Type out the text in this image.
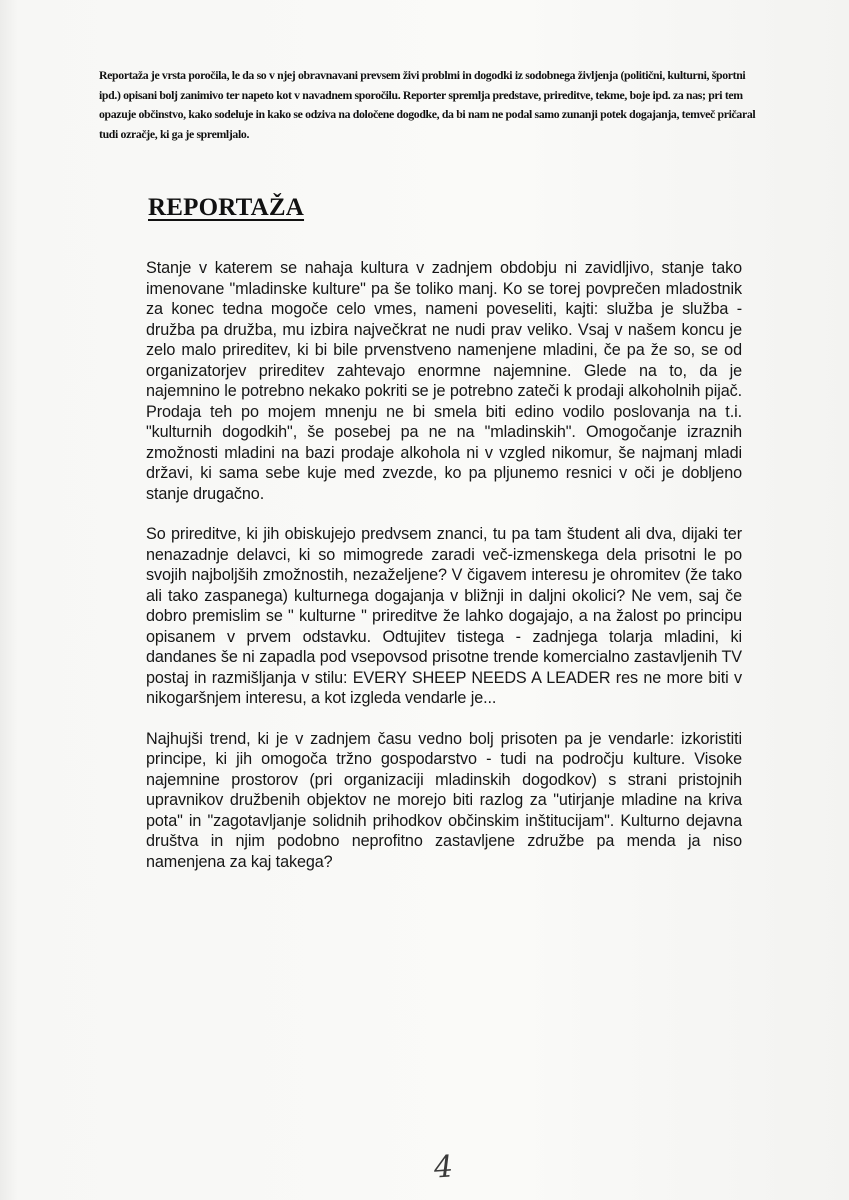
Reportaža je vrsta poročila, le da so v njej obravnavani prevsem živi problmi in dogodki iz sodobnega življenja (politični, kulturni, športni ipd.) opisani bolj zanimivo ter napeto kot v navadnem sporočilu. Reporter spremlja predstave, prireditve, tekme, boje ipd. za nas; pri tem opazuje občinstvo, kako sodeluje in kako se odziva na določene dogodke, da bi nam ne podal samo zunanji potek dogajanja, temveč pričaral tudi ozračje, ki ga je spremljalo.

REPORTAŽA

Stanje v katerem se nahaja kultura v zadnjem obdobju ni zavidljivo, stanje tako imenovane "mladinske kulture" pa še toliko manj. Ko se torej povprečen mladostnik za konec tedna mogoče celo vmes, nameni poveseliti, kajti: služba je služba - družba pa družba, mu izbira največkrat ne nudi prav veliko. Vsaj v našem koncu je zelo malo prireditev, ki bi bile prvenstveno namenjene mladini, če pa že so, se od organizatorjev prireditev zahtevajo enormne najemnine. Glede na to, da je najemnino le potrebno nekako pokriti se je potrebno zateči k prodaji alkoholnih pijač. Prodaja teh po mojem mnenju ne bi smela biti edino vodilo poslovanja na t.i. "kulturnih dogodkih", še posebej pa ne na "mladinskih". Omogočanje izraznih zmožnosti mladini na bazi prodaje alkohola ni v vzgled nikomur, še najmanj mladi državi, ki sama sebe kuje med zvezde, ko pa pljunemo resnici v oči je dobljeno stanje drugačno.

So prireditve, ki jih obiskujejo predvsem znanci, tu pa tam študent ali dva, dijaki ter nenazadnje delavci, ki so mimogrede zaradi več-izmenskega dela prisotni le po svojih najboljših zmožnostih, nezaželjene? V čigavem interesu je ohromitev (že tako ali tako zaspanega) kulturnega dogajanja v bližnji in daljni okolici? Ne vem, saj če dobro premislim se " kulturne " prireditve že lahko dogajajo, a na žalost po principu opisanem v prvem odstavku. Odtujitev tistega - zadnjega tolarja mladini, ki dandanes še ni zapadla pod vsepovsod prisotne trende komercialno zastavljenih TV postaj in razmišljanja v stilu: EVERY SHEEP NEEDS A LEADER res ne more biti v nikogaršnjem interesu, a kot izgleda vendarle je...

Najhujši trend, ki je v zadnjem času vedno bolj prisoten pa je vendarle: izkoristiti principe, ki jih omogoča tržno gospodarstvo - tudi na področju kulture. Visoke najemnine prostorov (pri organizaciji mladinskih dogodkov) s strani pristojnih upravnikov družbenih objektov ne morejo biti razlog za "utirjanje mladine na kriva pota" in "zagotavljanje solidnih prihodkov občinskim inštitucijam". Kulturno dejavna društva in njim podobno neprofitno zastavljene združbe pa menda ja niso namenjena za kaj takega?

4
